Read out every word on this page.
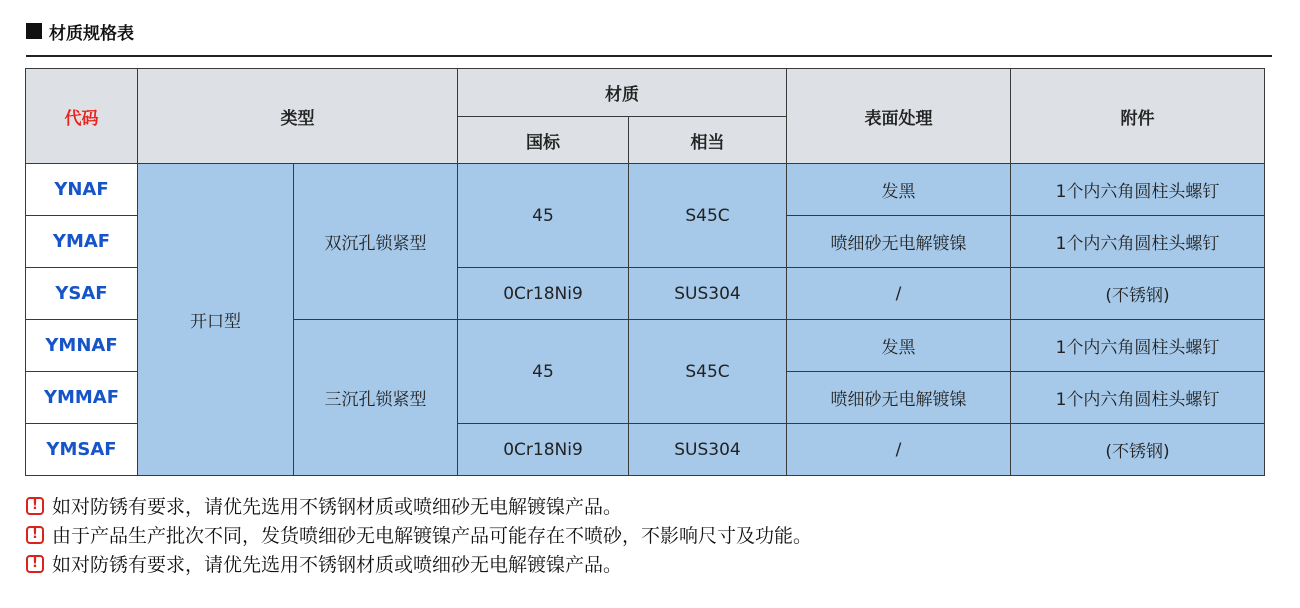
材质规格表
代码	类型		材质		表面处理	附件
			国标	相当		
YNAF	开口型	双沉孔锁紧型	45	S45C	发黑	1个内六角圆柱头螺钉
YMAF					喷细砂无电解镀镍	1个内六角圆柱头螺钉
YSAF			0Cr18Ni9	SUS304	/	(不锈钢)
YMNAF		三沉孔锁紧型	45	S45C	发黑	1个内六角圆柱头螺钉
YMMAF					喷细砂无电解镀镍	1个内六角圆柱头螺钉
YMSAF			0Cr18Ni9	SUS304	/	(不锈钢)
! 如对防锈有要求，请优先选用不锈钢材质或喷细砂无电解镀镍产品。
! 由于产品生产批次不同，发货喷细砂无电解镀镍产品可能存在不喷砂，不影响尺寸及功能。
! 如对防锈有要求，请优先选用不锈钢材质或喷细砂无电解镀镍产品。
